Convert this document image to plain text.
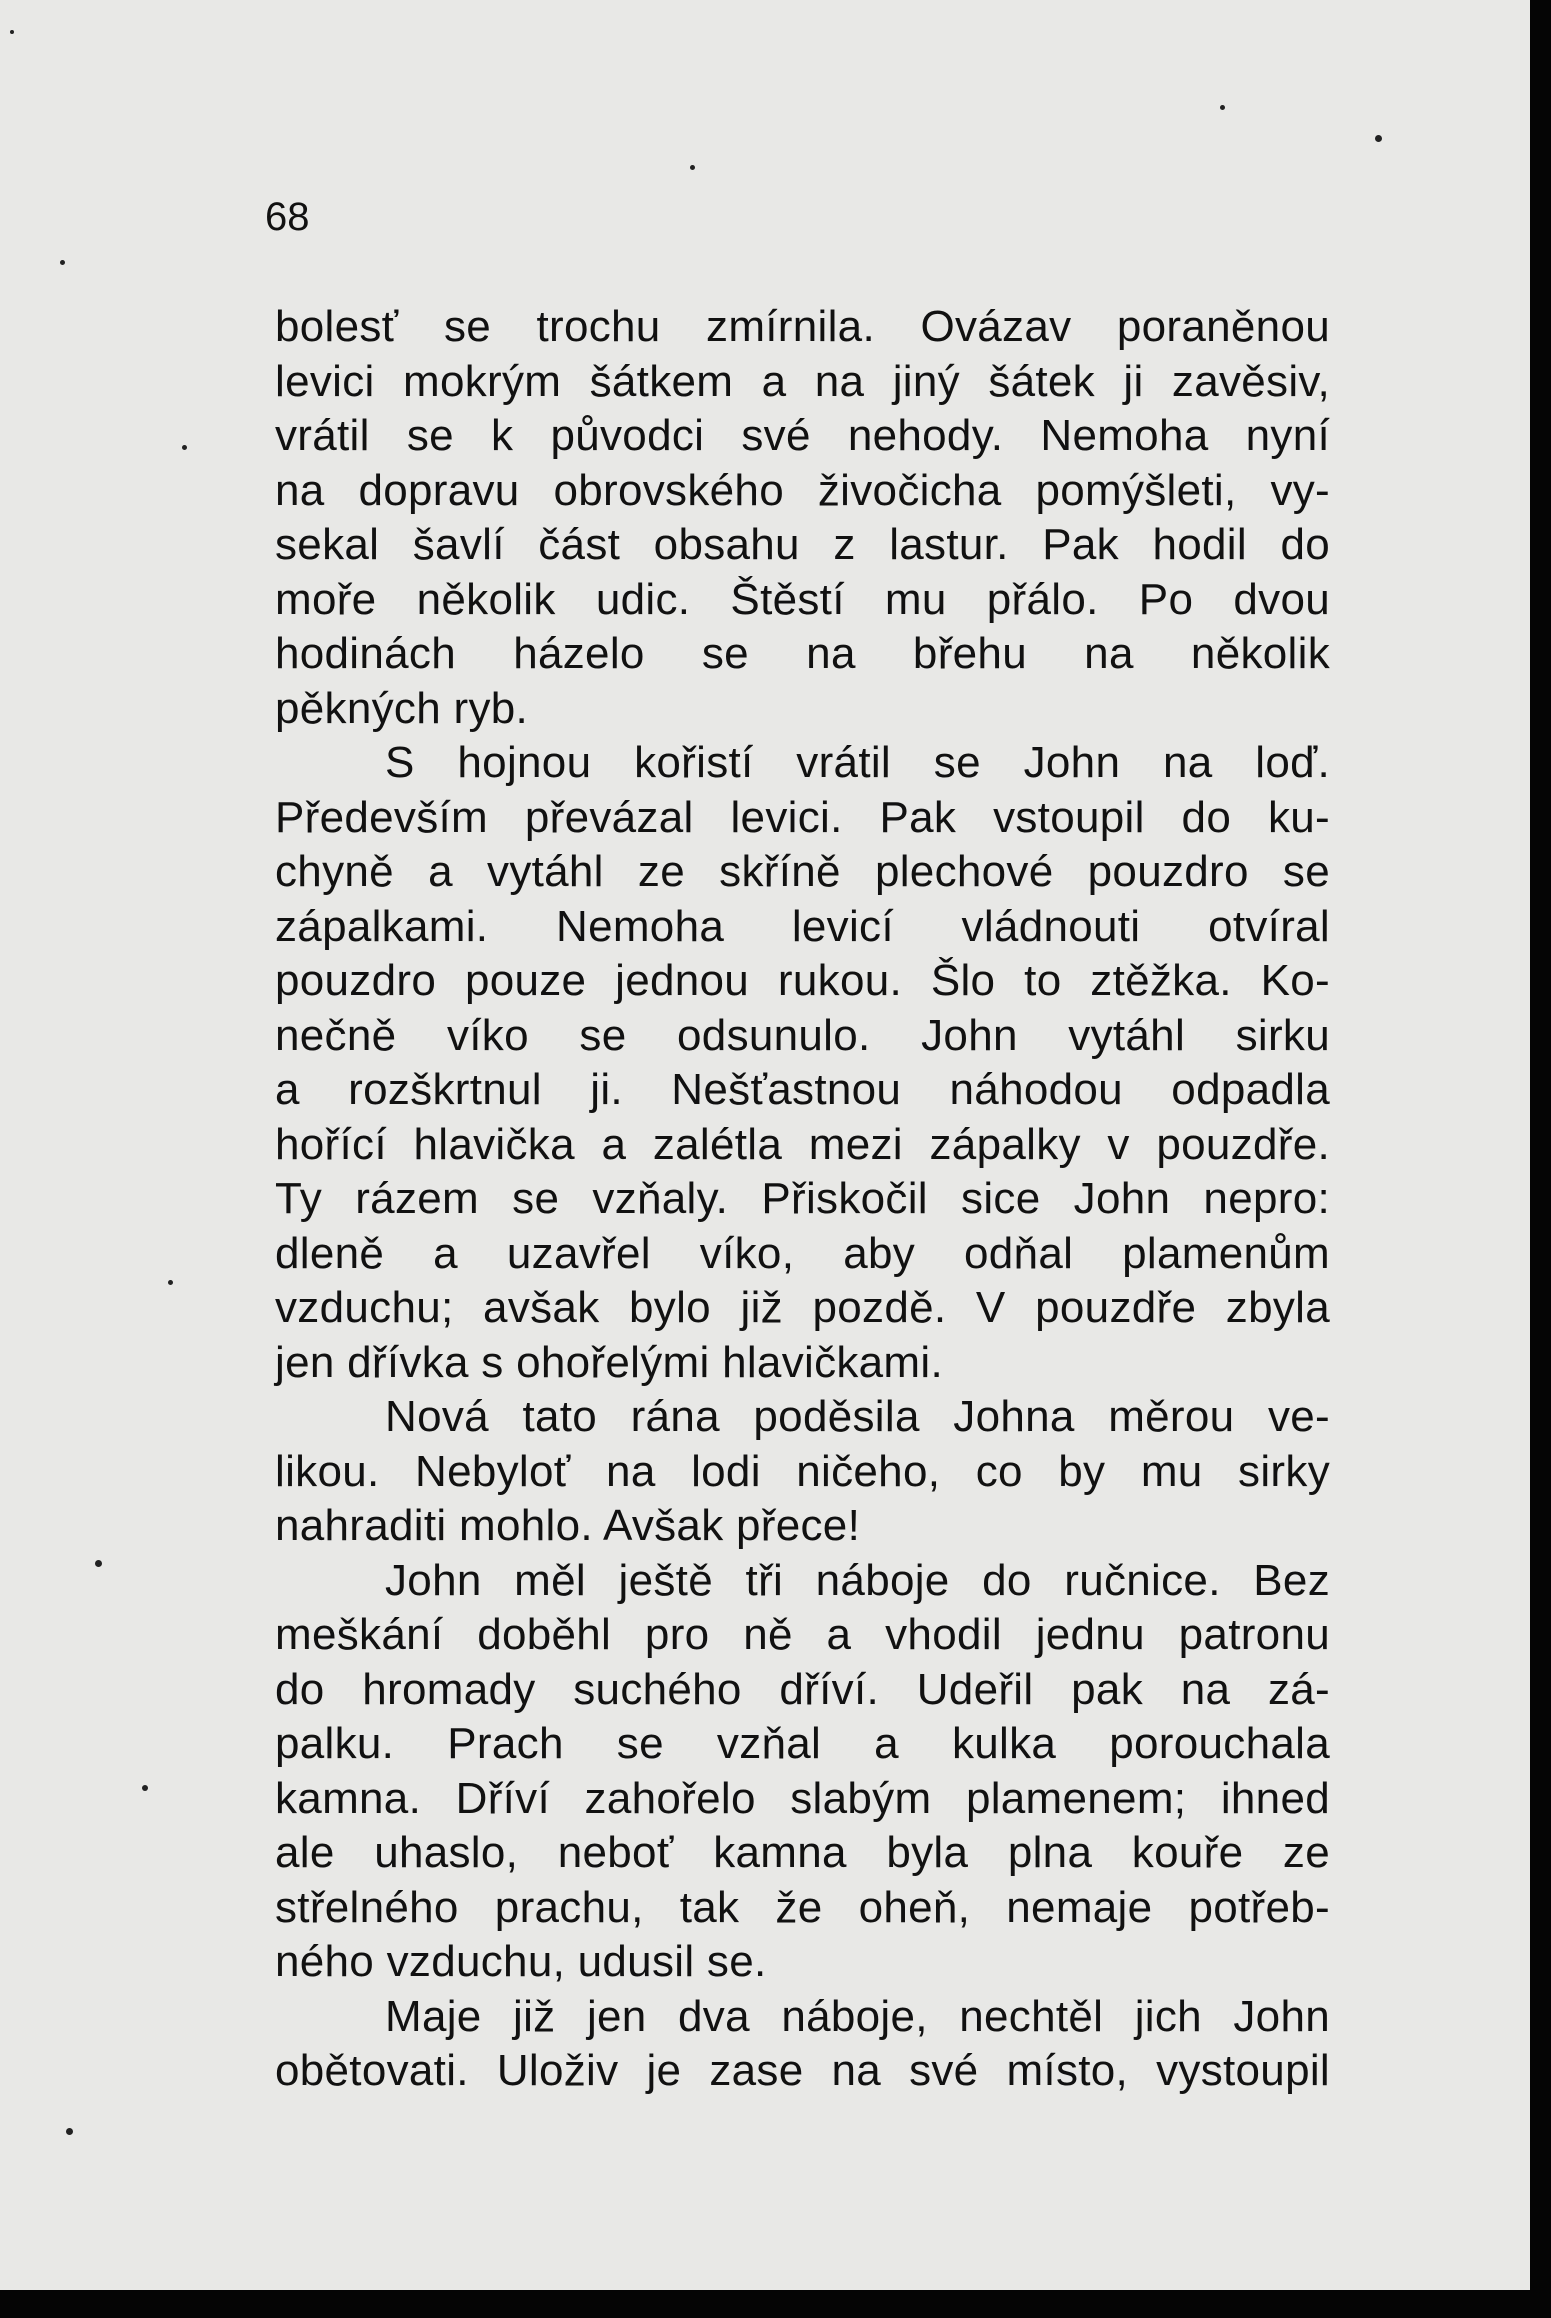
68

bolesť se trochu zmírnila. Ovázav poraněnou
levici mokrým šátkem a na jiný šátek ji zavěsiv,
vrátil se k původci své nehody. Nemoha nyní
na dopravu obrovského živočicha pomýšleti, vy-
sekal šavlí část obsahu z lastur. Pak hodil do
moře několik udic. Štěstí mu přálo. Po dvou
hodinách házelo se na břehu na několik

pěkných ryb.

S hojnou kořistí vrátil se John na loď.
Především převázal levici. Pak vstoupil do ku-
chyně a vytáhl ze skříně plechové pouzdro se
zápalkami. Nemoha levicí vládnouti otvíral
pouzdro pouze jednou rukou. Šlo to ztěžka. Ko-
nečně víko se odsunulo. John vytáhl sirku
a rozškrtnul ji. Nešťastnou náhodou odpadla
hořící hlavička a zalétla mezi zápalky v pouzdře.
Ty rázem se vzňaly. Přiskočil sice John nepro:
dleně a uzavřel víko, aby odňal plamenům
vzduchu; avšak bylo již pozdě. V pouzdře zbyla

jen dřívka s ohořelými hlavičkami.

Nová tato rána poděsila Johna měrou ve-
likou. Nebyloť na lodi ničeho, co by mu sirky

nahraditi mohlo. Avšak přece!

John měl ještě tři náboje do ručnice. Bez
meškání doběhl pro ně a vhodil jednu patronu
do hromady suchého dříví. Udeřil pak na zá-
palku. Prach se vzňal a kulka porouchala
kamna. Dříví zahořelo slabým plamenem; ihned
ale uhaslo, neboť kamna byla plna kouře ze
střelného prachu, tak že oheň, nemaje potřeb-

ného vzduchu, udusil se.

Maje již jen dva náboje, nechtěl jich John
obětovati. Uloživ je zase na své místo, vystoupil
